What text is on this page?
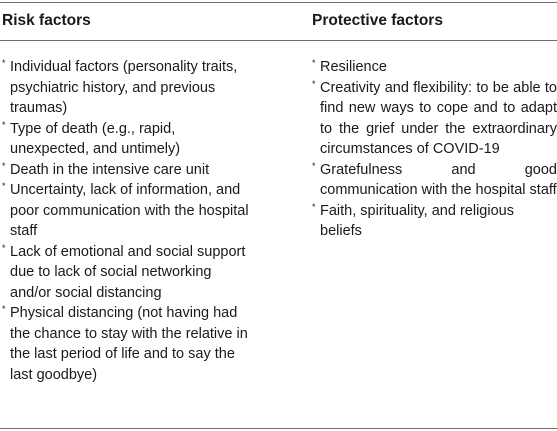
Risk factors	Protective factors
* Individual factors (personality traits, psychiatric history, and previous traumas)
* Type of death (e.g., rapid, unexpected, and untimely)
* Death in the intensive care unit
* Uncertainty, lack of information, and poor communication with the hospital staff
* Lack of emotional and social support due to lack of social networking and/or social distancing
* Physical distancing (not having had the chance to stay with the relative in the last period of life and to say the last goodbye)
* Resilience
* Creativity and flexibility: to be able to find new ways to cope and to adapt to the grief under the extraordinary circumstances of COVID-19
* Gratefulness and good communication with the hospital staff
* Faith, spirituality, and religious beliefs
